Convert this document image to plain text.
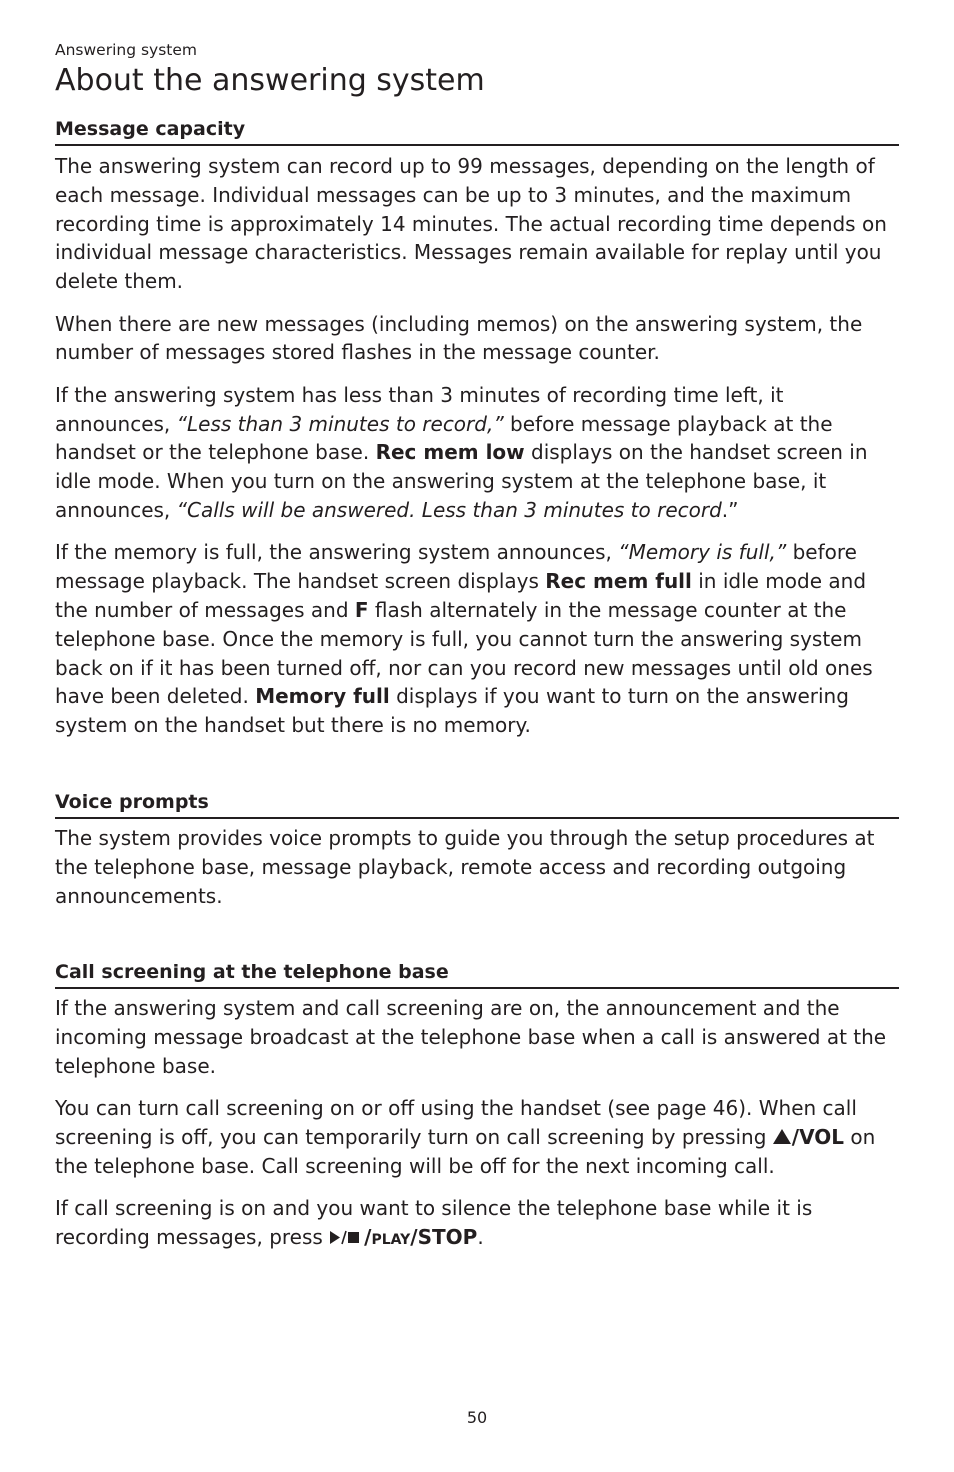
Answering system
About the answering system
Message capacity

The answering system can record up to 99 messages, depending on the length of each message. Individual messages can be up to 3 minutes, and the maximum recording time is approximately 14 minutes. The actual recording time depends on individual message characteristics. Messages remain available for replay until you delete them.

When there are new messages (including memos) on the answering system, the number of messages stored flashes in the message counter.

If the answering system has less than 3 minutes of recording time left, it announces, “Less than 3 minutes to record,” before message playback at the handset or the telephone base. Rec mem low displays on the handset screen in idle mode. When you turn on the answering system at the telephone base, it announces, “Calls will be answered. Less than 3 minutes to record.”

If the memory is full, the answering system announces, “Memory is full,” before message playback. The handset screen displays Rec mem full in idle mode and the number of messages and F flash alternately in the message counter at the telephone base. Once the memory is full, you cannot turn the answering system back on if it has been turned off, nor can you record new messages until old ones have been deleted. Memory full displays if you want to turn on the answering system on the handset but there is no memory.

Voice prompts

The system provides voice prompts to guide you through the setup procedures at the telephone base, message playback, remote access and recording outgoing announcements.

Call screening at the telephone base

If the answering system and call screening are on, the announcement and the incoming message broadcast at the telephone base when a call is answered at the telephone base.

You can turn call screening on or off using the handset (see page 46). When call screening is off, you can temporarily turn on call screening by pressing /VOL on the telephone base. Call screening will be off for the next incoming call.

If call screening is on and you want to silence the telephone base while it is recording messages, press /play/STOP.

50
